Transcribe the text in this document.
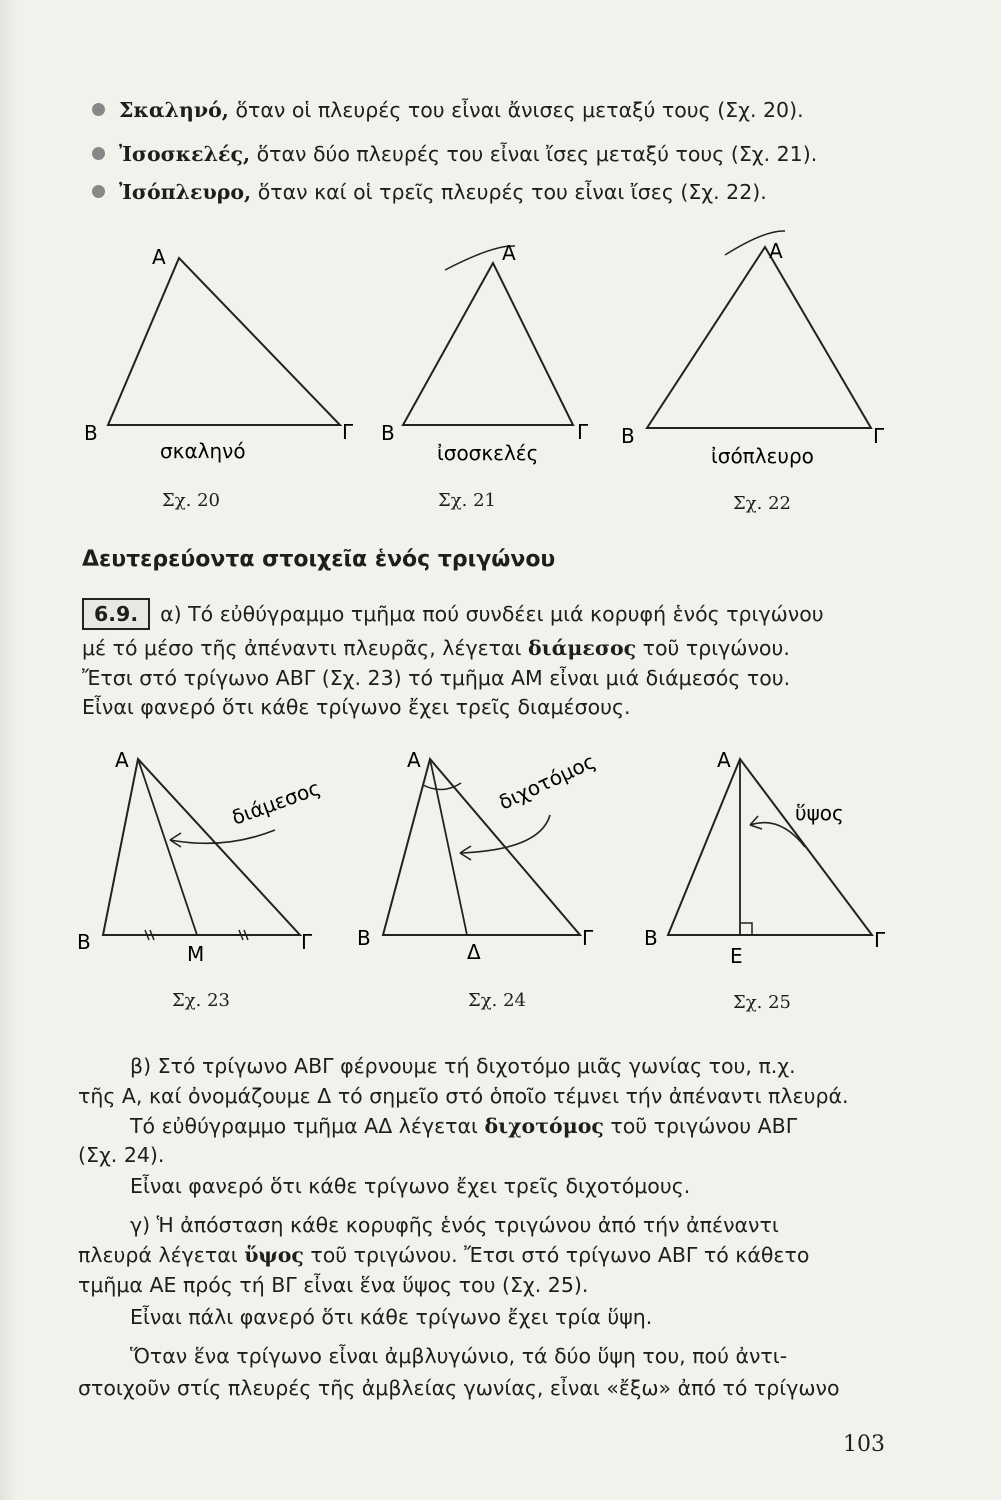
Σκαληνό, ὅταν οἱ πλευρές του εἶναι ἄνισες μεταξύ τους (Σχ. 20).
Ἰσοσκελές, ὅταν δύο πλευρές του εἶναι ἴσες μεταξύ τους (Σχ. 21).
Ἰσόπλευρο, ὅταν καί οἱ τρεῖς πλευρές του εἶναι ἴσες (Σχ. 22).
Α
Β	Γ
σκαληνό
Σχ. 20
Α
Β	Γ
ἰσοσκελές
Σχ. 21
Α
Β	Γ
ἰσόπλευρο
Σχ. 22
Δευτερεύοντα στοιχεῖα ἑνός τριγώνου
6.9. α) Τό εὐθύγραμμο τμῆμα πού συνδέει μιά κορυφή ἑνός τριγώνου
μέ τό μέσο τῆς ἀπέναντι πλευρᾶς, λέγεται διάμεσος τοῦ τριγώνου.
Ἔτσι στό τρίγωνο ΑΒΓ (Σχ. 23) τό τμῆμα ΑΜ εἶναι μιά διάμεσός του.
Εἶναι φανερό ὅτι κάθε τρίγωνο ἔχει τρεῖς διαμέσους.
Α
Β	Γ
Μ
διάμεσος
Σχ. 23
Α
Β	Γ
Δ
διχοτόμος
Σχ. 24
Α
Β	Γ
Ε
ὕψος
Σχ. 25
β) Στό τρίγωνο ΑΒΓ φέρνουμε τή διχοτόμο μιᾶς γωνίας του, π.χ.
τῆς Α, καί ὀνομάζουμε Δ τό σημεῖο στό ὁποῖο τέμνει τήν ἀπέναντι πλευρά.
Τό εὐθύγραμμο τμῆμα ΑΔ λέγεται διχοτόμος τοῦ τριγώνου ΑΒΓ
(Σχ. 24).
Εἶναι φανερό ὅτι κάθε τρίγωνο ἔχει τρεῖς διχοτόμους.
γ) Ἡ ἀπόσταση κάθε κορυφῆς ἑνός τριγώνου ἀπό τήν ἀπέναντι
πλευρά λέγεται ὕψος τοῦ τριγώνου. Ἔτσι στό τρίγωνο ΑΒΓ τό κάθετο
τμῆμα ΑΕ πρός τή ΒΓ εἶναι ἕνα ὕψος του (Σχ. 25).
Εἶναι πάλι φανερό ὅτι κάθε τρίγωνο ἔχει τρία ὕψη.
Ὅταν ἕνα τρίγωνο εἶναι ἀμβλυγώνιο, τά δύο ὕψη του, πού ἀντι-
στοιχοῦν στίς πλευρές τῆς ἀμβλείας γωνίας, εἶναι «ἔξω» ἀπό τό τρίγωνο
103
